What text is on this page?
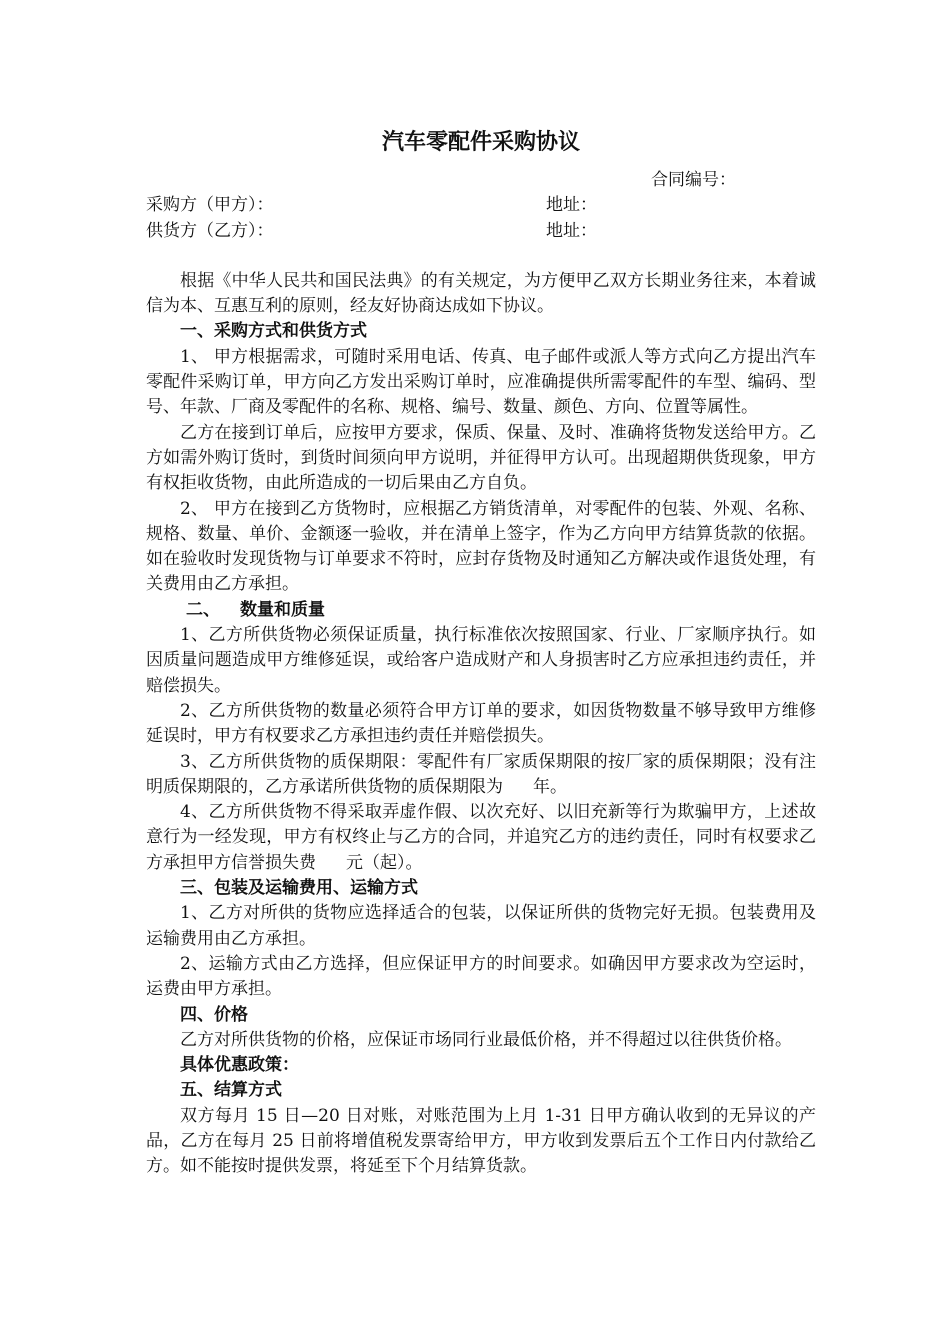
汽车零配件采购协议
合同编号：
采购方（甲方）：	地址：
供货方（乙方）：	地址：

根据《中华人民共和国民法典》的有关规定，为方便甲乙双方长期业务往来，本着诚信为本、互惠互利的原则，经友好协商达成如下协议。

一、采购方式和供货方式

1、 甲方根据需求，可随时采用电话、传真、电子邮件或派人等方式向乙方提出汽车零配件采购订单，甲方向乙方发出采购订单时，应准确提供所需零配件的车型、编码、型号、年款、厂商及零配件的名称、规格、编号、数量、颜色、方向、位置等属性。

乙方在接到订单后，应按甲方要求，保质、保量、及时、准确将货物发送给甲方。乙方如需外购订货时，到货时间须向甲方说明，并征得甲方认可。出现超期供货现象，甲方有权拒收货物，由此所造成的一切后果由乙方自负。

2、 甲方在接到乙方货物时，应根据乙方销货清单，对零配件的包装、外观、名称、规格、数量、单价、金额逐一验收，并在清单上签字，作为乙方向甲方结算货款的依据。如在验收时发现货物与订单要求不符时，应封存货物及时通知乙方解决或作退货处理，有关费用由乙方承担。

二、 数量和质量

1、乙方所供货物必须保证质量，执行标准依次按照国家、行业、厂家顺序执行。如因质量问题造成甲方维修延误，或给客户造成财产和人身损害时乙方应承担违约责任，并赔偿损失。

2、乙方所供货物的数量必须符合甲方订单的要求，如因货物数量不够导致甲方维修延误时，甲方有权要求乙方承担违约责任并赔偿损失。

3、乙方所供货物的质保期限：零配件有厂家质保期限的按厂家的质保期限；没有注明质保期限的，乙方承诺所供货物的质保期限为 年。

4、乙方所供货物不得采取弄虚作假、以次充好、以旧充新等行为欺骗甲方，上述故意行为一经发现，甲方有权终止与乙方的合同，并追究乙方的违约责任，同时有权要求乙方承担甲方信誉损失费 元（起）。

三、包装及运输费用、运输方式

1、乙方对所供的货物应选择适合的包装，以保证所供的货物完好无损。包装费用及运输费用由乙方承担。

2、运输方式由乙方选择，但应保证甲方的时间要求。如确因甲方要求改为空运时，运费由甲方承担。

四、价格

乙方对所供货物的价格，应保证市场同行业最低价格，并不得超过以往供货价格。

具体优惠政策：
五、结算方式

双方每月 15 日—20 日对账，对账范围为上月 1-31 日甲方确认收到的无异议的产品，乙方在每月 25 日前将增值税发票寄给甲方，甲方收到发票后五个工作日内付款给乙方。如不能按时提供发票，将延至下个月结算货款。
